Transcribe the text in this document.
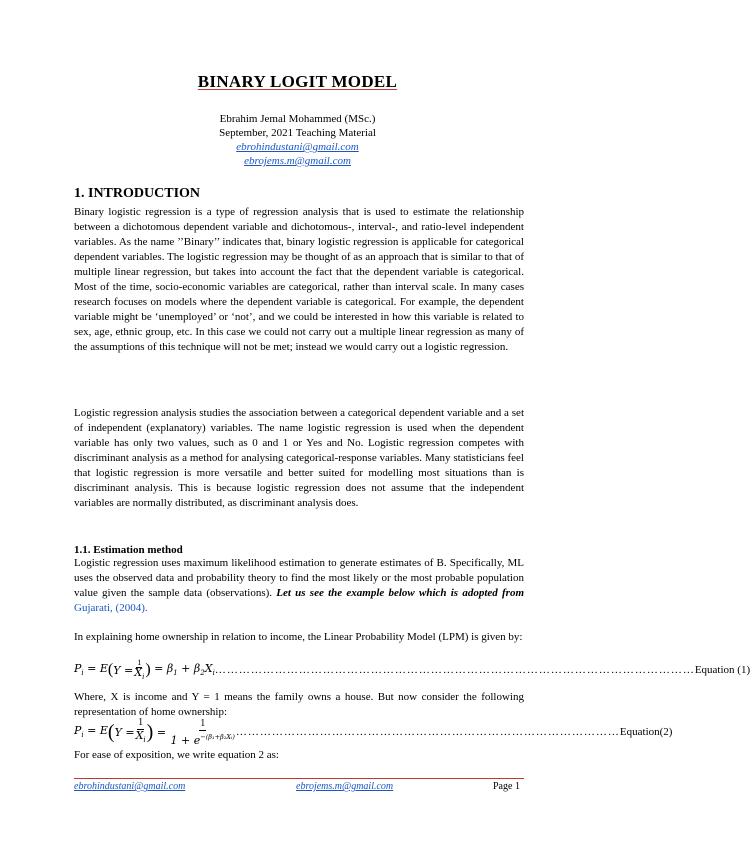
BINARY LOGIT MODEL
Ebrahim Jemal Mohammed (MSc.)
September, 2021 Teaching Material
ebrohindustani@gmail.com
ebrojems.m@gmail.com
1. INTRODUCTION

Binary logistic regression is a type of regression analysis that is used to estimate the relationship between a dichotomous dependent variable and dichotomous-, interval-, and ratio-level independent variables. As the name ’’Binary’’ indicates that, binary logistic regression is applicable for categorical dependent variables. The logistic regression may be thought of as an approach that is similar to that of multiple linear regression, but takes into account the fact that the dependent variable is categorical. Most of the time, socio-economic variables are categorical, rather than interval scale. In many cases research focuses on models where the dependent variable is categorical. For example, the dependent variable might be ‘unemployed’ or ‘not’, and we could be interested in how this variable is related to sex, age, ethnic group, etc. In this case we could not carry out a multiple linear regression as many of the assumptions of this technique will not be met; instead we would carry out a logistic regression.

Logistic regression analysis studies the association between a categorical dependent variable and a set of independent (explanatory) variables. The name logistic regression is used when the dependent variable has only two values, such as 0 and 1 or Yes and No. Logistic regression competes with discriminant analysis as a method for analysing categorical-response variables. Many statisticians feel that logistic regression is more versatile and better suited for modelling most situations than is discriminant analysis. This is because logistic regression does not assume that the independent variables are normally distributed, as discriminant analysis does.

1.1. Estimation method

Logistic regression uses maximum likelihood estimation to generate estimates of B. Specifically, ML uses the observed data and probability theory to find the most likely or the most probable population value given the sample data (observations). Let us see the example below which is adopted from Gujarati, (2004).

In explaining home ownership in relation to income, the Linear Probability Model (LPM) is given by:

$P_i = E$ ( $Y = \frac{1}{X_i}$ ) = $\beta_1 + \beta_2X_i$ ………………………………………………………………………………………………………… Equation (1)

Where, X is income and Y = 1 means the family owns a house. But now consider the following representation of home ownership:

$P_i = E$ ( $Y = \frac{1}{X_i}$ ) = $\frac{1}{1 + e^{-(\beta_1+\beta_2Xᵢ)}}$ …………………………………………………………………………………… Equation(2)

For ease of exposition, we write equation 2 as:

ebrohindustani@gmail.com	ebrojems.m@gmail.com	Page 1
